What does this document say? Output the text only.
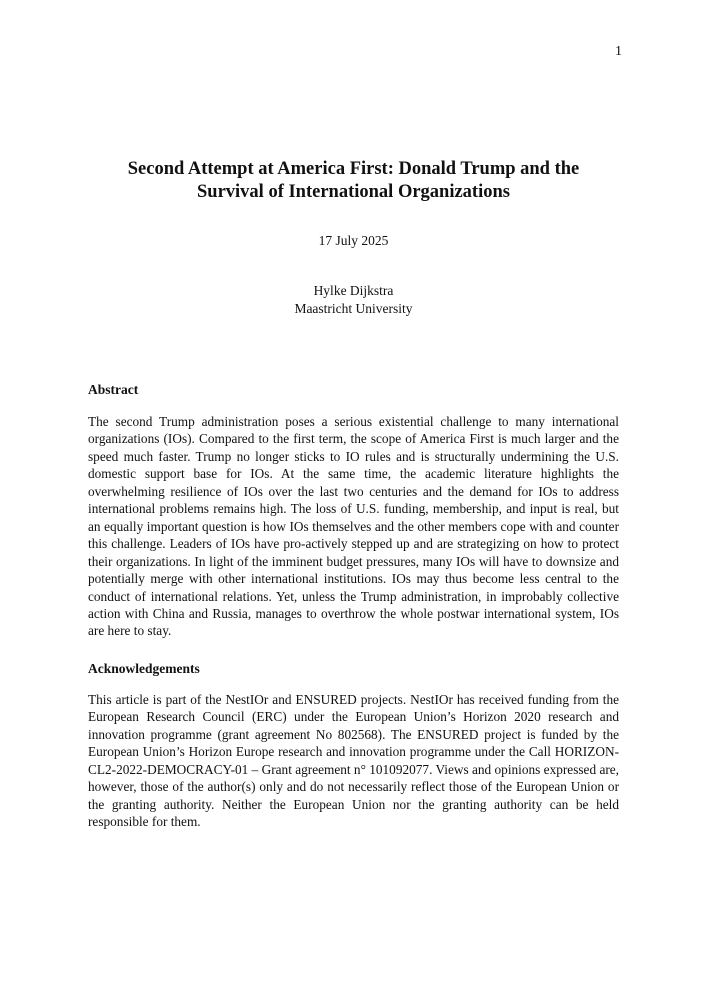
1
Second Attempt at America First: Donald Trump and the
Survival of International Organizations
17 July 2025
Hylke Dijkstra
Maastricht University
Abstract

The second Trump administration poses a serious existential challenge to many international organizations (IOs). Compared to the first term, the scope of America First is much larger and the speed much faster. Trump no longer sticks to IO rules and is structurally undermining the U.S. domestic support base for IOs. At the same time, the academic literature highlights the overwhelming resilience of IOs over the last two centuries and the demand for IOs to address international problems remains high. The loss of U.S. funding, membership, and input is real, but an equally important question is how IOs themselves and the other members cope with and counter this challenge. Leaders of IOs have pro-actively stepped up and are strategizing on how to protect their organizations. In light of the imminent budget pressures, many IOs will have to downsize and potentially merge with other international institutions. IOs may thus become less central to the conduct of international relations. Yet, unless the Trump administration, in improbably collective action with China and Russia, manages to overthrow the whole postwar international system, IOs are here to stay.

Acknowledgements

This article is part of the NestIOr and ENSURED projects. NestIOr has received funding from the European Research Council (ERC) under the European Union’s Horizon 2020 research and innovation programme (grant agreement No 802568). The ENSURED project is funded by the European Union’s Horizon Europe research and innovation programme under the Call HORIZON-CL2-2022-DEMOCRACY-01 – Grant agreement n° 101092077. Views and opinions expressed are, however, those of the author(s) only and do not necessarily reflect those of the European Union or the granting authority. Neither the European Union nor the granting authority can be held responsible for them.
